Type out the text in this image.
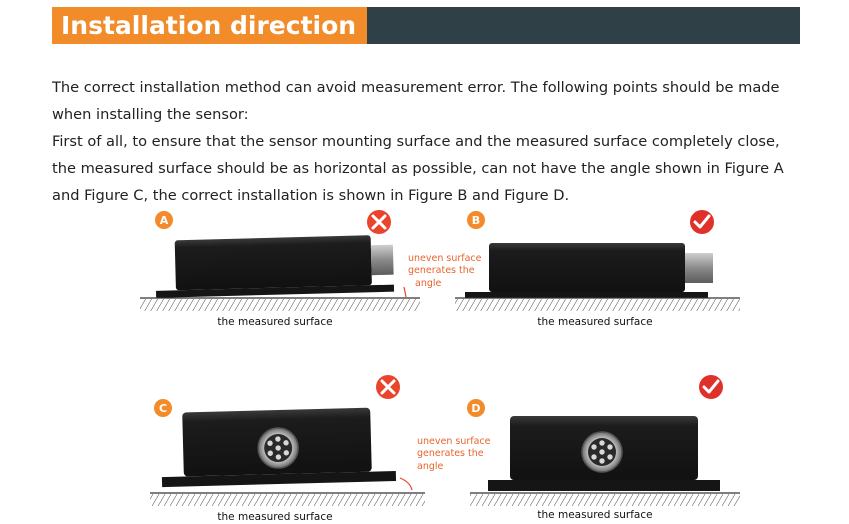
Installation direction

The correct installation method can avoid measurement error. The following points should be made when installing the sensor:

First of all, to ensure that the sensor mounting surface and the measured surface completely close, the measured surface should be as horizontal as possible, can not have the angle shown in Figure A and Figure C, the correct installation is shown in Figure B and Figure D.

A
uneven surface
generates the
angle
the measured surface
B
the measured surface
C
uneven surface
generates the
angle
the measured surface
D
the measured surface
